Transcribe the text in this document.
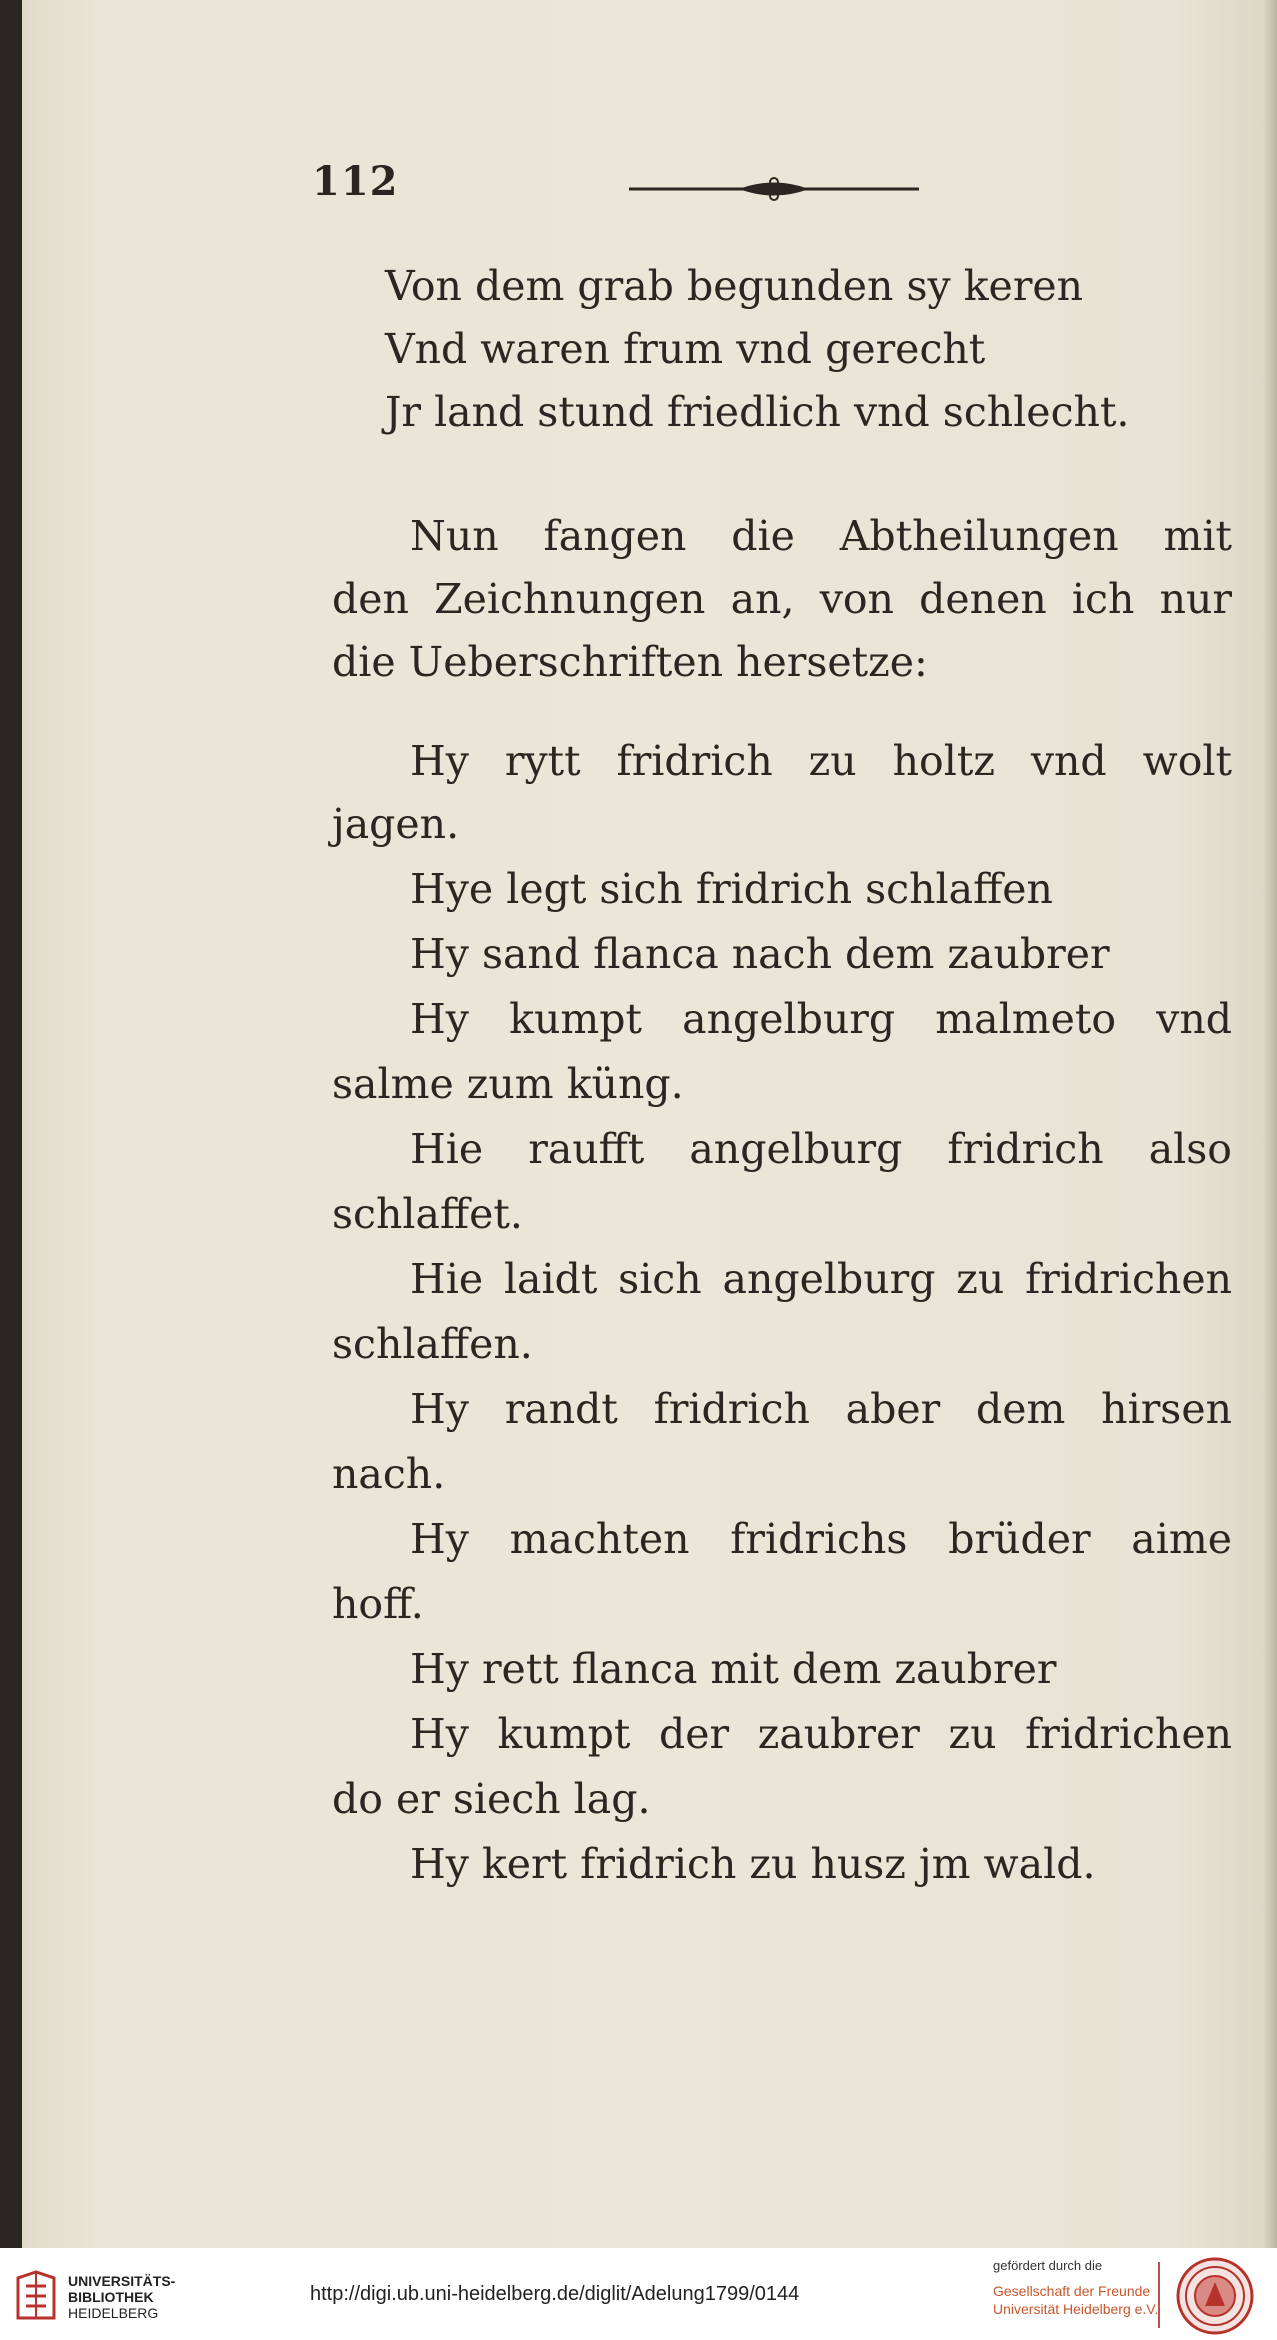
112
Von dem grab begunden sy keren
Vnd waren frum vnd gerecht
Jr land stund friedlich vnd schlecht.
Nun fangen die Abtheilungen mit
den Zeichnungen an, von denen ich nur
die Ueberschriften hersetze:
Hy rytt fridrich zu holtz vnd wolt
jagen.
Hye legt sich fridrich schlaffen
Hy sand flanca nach dem zaubrer
Hy kumpt angelburg malmeto vnd
salme zum küng.
Hie raufft angelburg fridrich also
schlaffet.
Hie laidt sich angelburg zu fridrichen
schlaffen.
Hy randt fridrich aber dem hirsen
nach.
Hy machten fridrichs brüder aime
hoff.
Hy rett flanca mit dem zaubrer
Hy kumpt der zaubrer zu fridrichen
do er siech lag.
Hy kert fridrich zu husz jm wald.
UNIVERSITÄTS-
BIBLIOTHEK
HEIDELBERG
http://digi.ub.uni-heidelberg.de/diglit/Adelung1799/0144
gefördert durch die
Gesellschaft der Freunde
Universität Heidelberg e.V.
